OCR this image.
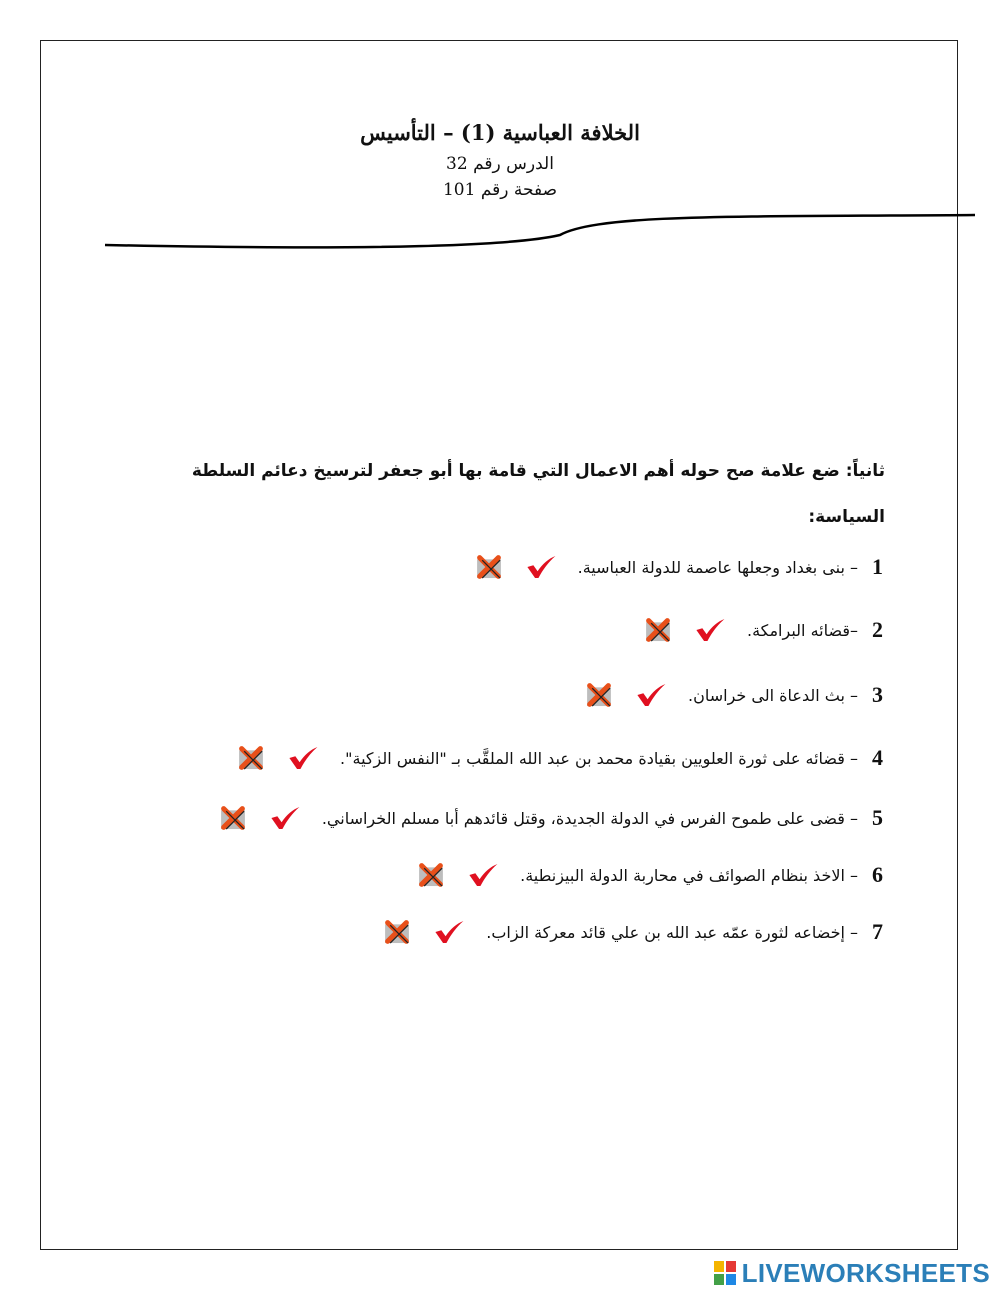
الخلافة العباسية (1) – التأسيس
الدرس رقم 32
صفحة رقم 101
ثانياً: ضع علامة صح حوله أهم الاعمال التي قامة بها أبو جعفر لترسيخ دعائم السلطة السياسة:
1
– بنى بغداد وجعلها عاصمة للدولة العباسية.
2
–قضائه البرامكة.
3
– بث الدعاة الى خراسان.
4
– قضائه على ثورة العلويين بقيادة محمد بن عبد الله الملقَّب بـ "النفس الزكية".
5
– قضى على طموح الفرس في الدولة الجديدة، وقتل قائدهم أبا مسلم الخراساني.
6
– الاخذ بنظام الصوائف في محاربة الدولة البيزنطية.
7
– إخضاعه لثورة عمّه عبد الله بن علي قائد معركة الزاب.
LIVEWORKSHEETS
